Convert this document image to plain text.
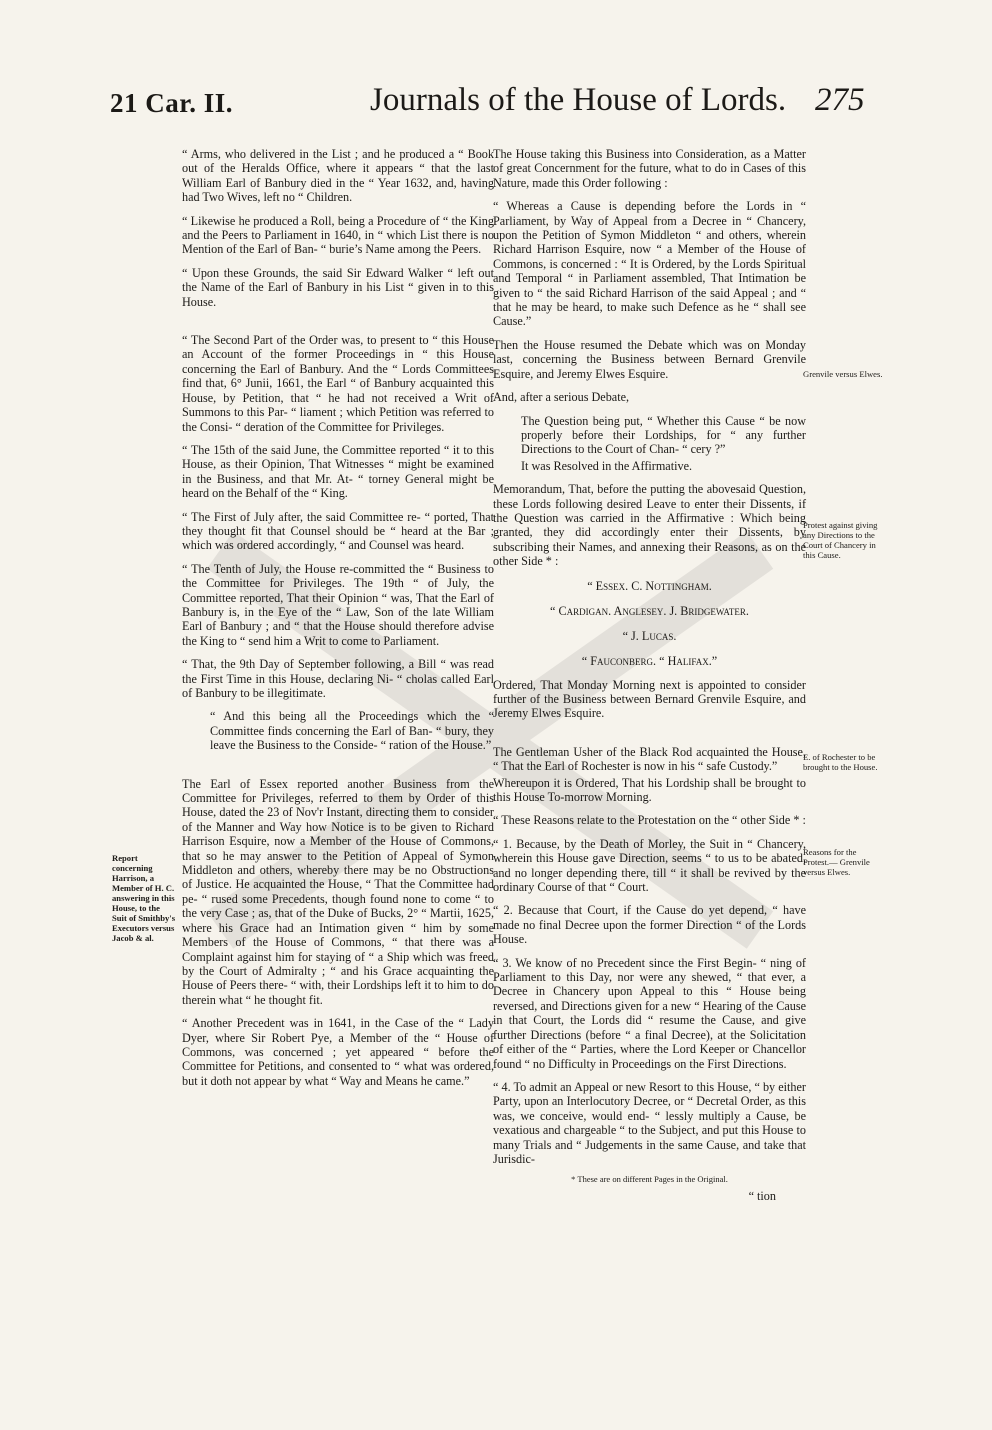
21 Car. II.	Journals of the House of Lords. 275
Report concerning Harrison, a Member of H. C. answering in this House, to the Suit of Smithby's Executors versus Jacob & al.
Grenvile versus Elwes.
Protest against giving any Directions to the Court of Chancery in this Cause.
E. of Rochester to be brought to the House.
Reasons for the Protest.— Grenvile versus Elwes.

“ Arms, who delivered in the List ; and he produced a “ Book out of the Heralds Office, where it appears “ that the last William Earl of Banbury died in the “ Year 1632, and, having had Two Wives, left no “ Children.

“ Likewise he produced a Roll, being a Procedure of “ the King and the Peers to Parliament in 1640, in “ which List there is no Mention of the Earl of Ban- “ burie’s Name among the Peers.

“ Upon these Grounds, the said Sir Edward Walker “ left out the Name of the Earl of Banbury in his List “ given in to this House.

“ The Second Part of the Order was, to present to “ this House an Account of the former Proceedings in “ this House concerning the Earl of Banbury. And the “ Lords Committees find that, 6° Junii, 1661, the Earl “ of Banbury acquainted this House, by Petition, that “ he had not received a Writ of Summons to this Par- “ liament ; which Petition was referred to the Consi- “ deration of the Committee for Privileges.

“ The 15th of the said June, the Committee reported “ it to this House, as their Opinion, That Witnesses “ might be examined in the Business, and that Mr. At- “ torney General might be heard on the Behalf of the “ King.

“ The First of July after, the said Committee re- “ ported, That they thought fit that Counsel should be “ heard at the Bar ; which was ordered accordingly, “ and Counsel was heard.

“ The Tenth of July, the House re-committed the “ Business to the Committee for Privileges. The 19th “ of July, the Committee reported, That their Opinion “ was, That the Earl of Banbury is, in the Eye of the “ Law, Son of the late William Earl of Banbury ; and “ that the House should therefore advise the King to “ send him a Writ to come to Parliament.

“ That, the 9th Day of September following, a Bill “ was read the First Time in this House, declaring Ni- “ cholas called Earl of Banbury to be illegitimate.

“ And this being all the Proceedings which the “ Committee finds concerning the Earl of Ban- “ bury, they leave the Business to the Conside- “ ration of the House.”

The Earl of Essex reported another Business from the Committee for Privileges, referred to them by Order of this House, dated the 23 of Nov'r Instant, directing them to consider of the Manner and Way how Notice is to be given to Richard Harrison Esquire, now a Member of the House of Commons, that so he may answer to the Petition of Appeal of Symon Middleton and others, whereby there may be no Obstructions of Justice. He acquainted the House, “ That the Committee had pe- “ rused some Precedents, though found none to come “ to the very Case ; as, that of the Duke of Bucks, 2° “ Martii, 1625, where his Grace had an Intimation given “ him by some Members of the House of Commons, “ that there was a Complaint against him for staying of “ a Ship which was freed by the Court of Admiralty ; “ and his Grace acquainting the House of Peers there- “ with, their Lordships left it to him to do therein what “ he thought fit.

“ Another Precedent was in 1641, in the Case of the “ Lady Dyer, where Sir Robert Pye, a Member of the “ House of Commons, was concerned ; yet appeared “ before the Committee for Petitions, and consented to “ what was ordered, but it doth not appear by what “ Way and Means he came.”

The House taking this Business into Consideration, as a Matter of great Concernment for the future, what to do in Cases of this Nature, made this Order following :

“ Whereas a Cause is depending before the Lords in “ Parliament, by Way of Appeal from a Decree in “ Chancery, upon the Petition of Symon Middleton “ and others, wherein Richard Harrison Esquire, now “ a Member of the House of Commons, is concerned : “ It is Ordered, by the Lords Spiritual and Temporal “ in Parliament assembled, That Intimation be given to “ the said Richard Harrison of the said Appeal ; and “ that he may be heard, to make such Defence as he “ shall see Cause.”

Then the House resumed the Debate which was on Monday last, concerning the Business between Bernard Grenvile Esquire, and Jeremy Elwes Esquire.

And, after a serious Debate,

The Question being put, “ Whether this Cause “ be now properly before their Lordships, for “ any further Directions to the Court of Chan- “ cery ?”

It was Resolved in the Affirmative.

Memorandum, That, before the putting the abovesaid Question, these Lords following desired Leave to enter their Dissents, if the Question was carried in the Affirmative : Which being granted, they did accordingly enter their Dissents, by subscribing their Names, and annexing their Reasons, as on the other Side * :

“ Essex. C. Nottingham.

“ Cardigan. Anglesey. J. Bridgewater.

“ J. Lucas.

“ Fauconberg. “ Halifax.”

Ordered, That Monday Morning next is appointed to consider further of the Business between Bernard Grenvile Esquire, and Jeremy Elwes Esquire.

The Gentleman Usher of the Black Rod acquainted the House, “ That the Earl of Rochester is now in his “ safe Custody.”

Whereupon it is Ordered, That his Lordship shall be brought to this House To-morrow Morning.

“ These Reasons relate to the Protestation on the “ other Side * :

“ 1. Because, by the Death of Morley, the Suit in “ Chancery, wherein this House gave Direction, seems “ to us to be abated, and no longer depending there, till “ it shall be revived by the ordinary Course of that “ Court.

“ 2. Because that Court, if the Cause do yet depend, “ have made no final Decree upon the former Direction “ of the Lords House.

“ 3. We know of no Precedent since the First Begin- “ ning of Parliament to this Day, nor were any shewed, “ that ever, a Decree in Chancery upon Appeal to this “ House being reversed, and Directions given for a new “ Hearing of the Cause in that Court, the Lords did “ resume the Cause, and give further Directions (before “ a final Decree), at the Solicitation of either of the “ Parties, where the Lord Keeper or Chancellor found “ no Difficulty in Proceedings on the First Directions.

“ 4. To admit an Appeal or new Resort to this House, “ by either Party, upon an Interlocutory Decree, or “ Decretal Order, as this was, we conceive, would end- “ lessly multiply a Cause, be vexatious and chargeable “ to the Subject, and put this House to many Trials and “ Judgements in the same Cause, and take that Jurisdic-

* These are on different Pages in the Original.
“ tion
